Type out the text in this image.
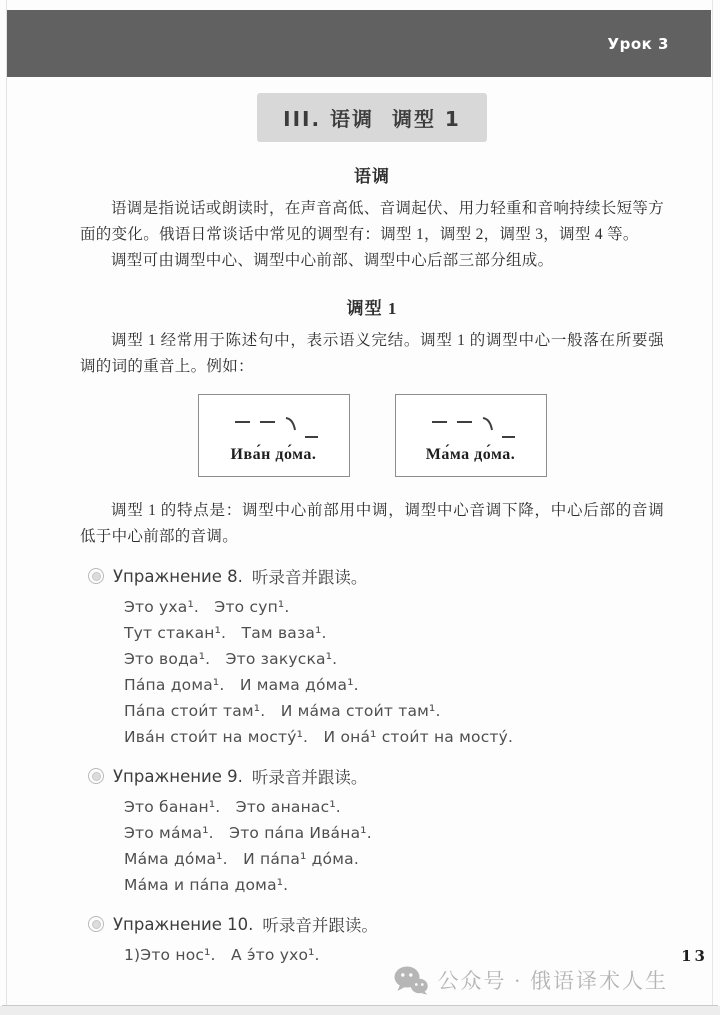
Урок 3
III. 语调  调型 1
语调

语调是指说话或朗读时，在声音高低、音调起伏、用力轻重和音响持续长短等方面的变化。俄语日常谈话中常见的调型有：调型 1，调型 2，调型 3，调型 4 等。

调型可由调型中心、调型中心前部、调型中心后部三部分组成。

调型 1

调型 1 经常用于陈述句中，表示语义完结。调型 1 的调型中心一般落在所要强调的词的重音上。例如：

Ива́н до́ма.	Ма́ма до́ма.

调型 1 的特点是：调型中心前部用中调，调型中心音调下降，中心后部的音调低于中心前部的音调。

Упражнение 8. 听录音并跟读。
Это уха¹.   Это суп¹.
Тут стакан¹.   Там ваза¹.
Это вода¹.   Это закуска¹.
Па́па дома¹.   И мама до́ма¹.
Па́па стои́т там¹.   И ма́ма стои́т там¹.
Ива́н стои́т на мосту́¹.   И она́¹ стои́т на мосту́.
Упражнение 9. 听录音并跟读。
Это банан¹.   Это ананас¹.
Это ма́ма¹.   Это па́па Ива́на¹.
Ма́ма до́ма¹.   И па́па¹ до́ма.
Ма́ма и па́па дома¹.
Упражнение 10. 听录音并跟读。
1)Это нос¹.   А э́то ухо¹.	13
公众号 · 俄语译术人生
